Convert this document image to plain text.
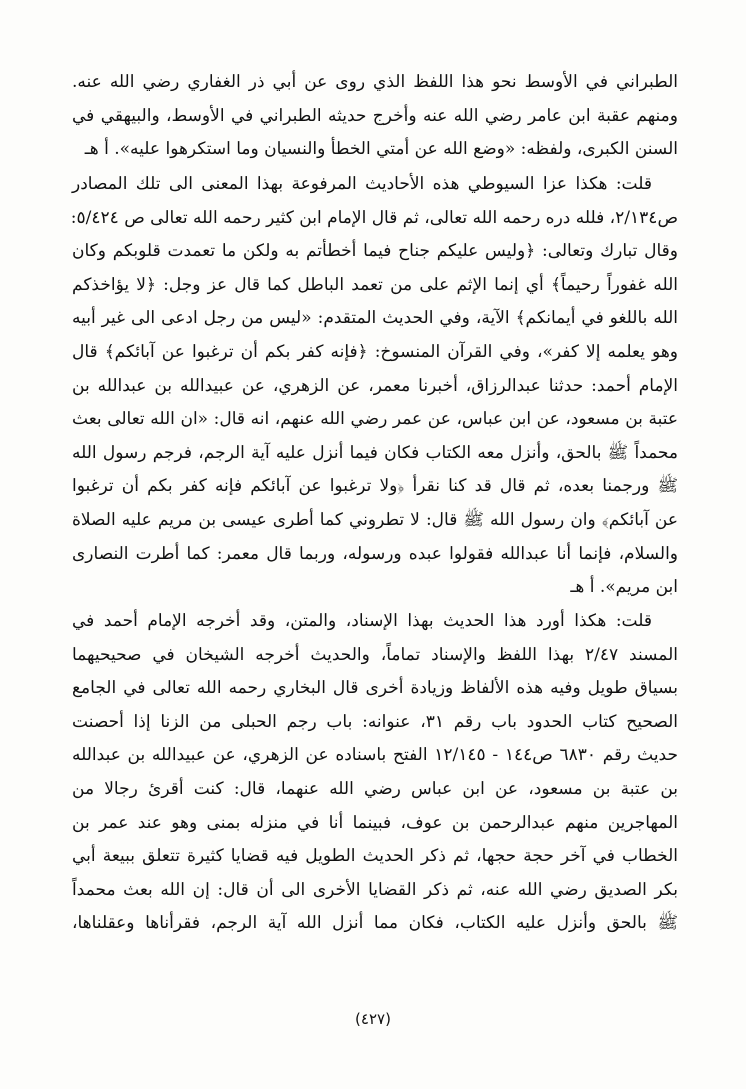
الطبراني في الأوسط نحو هذا اللفظ الذي روى عن أبي ذر الغفاري رضي الله عنه.
ومنهم عقبة ابن عامر رضي الله عنه وأخرج حديثه الطبراني في الأوسط، والبيهقي في
السنن الكبرى، ولفظه: «وضع الله عن أمتي الخطأ والنسيان وما استكرهوا عليه». أ هـ
قلت: هكذا عزا السيوطي هذه الأحاديث المرفوعة بهذا المعنى الى تلك المصادر
ص٢/١٣٤، فلله دره رحمه الله تعالى، ثم قال الإمام ابن كثير رحمه الله تعالى ص ٥/٤٢٤:
وقال تبارك وتعالى: ﴿وليس عليكم جناح فيما أخطأتم به ولكن ما تعمدت قلوبكم وكان
الله غفوراً رحيماً﴾ أي إنما الإثم على من تعمد الباطل كما قال عز وجل: ﴿لا يؤاخذكم
الله باللغو في أيمانكم﴾ الآية، وفي الحديث المتقدم: «ليس من رجل ادعى الى غير أبيه
وهو يعلمه إلا كفر»، وفي القرآن المنسوخ: ﴿فإنه كفر بكم أن ترغبوا عن آبائكم﴾ قال
الإمام أحمد: حدثنا عبدالرزاق، أخبرنا معمر، عن الزهري، عن عبيدالله بن عبدالله بن
عتبة بن مسعود، عن ابن عباس، عن عمر رضي الله عنهم، انه قال: «ان الله تعالى بعث
محمداً ﷺ بالحق، وأنزل معه الكتاب فكان فيما أنزل عليه آية الرجم، فرجم رسول الله
ﷺ ورجمنا بعده، ثم قال قد كنا نقرأ ﴿ولا ترغبوا عن آبائكم فإنه كفر بكم أن ترغبوا
عن آبائكم﴾ وان رسول الله ﷺ قال: لا تطروني كما أطرى عيسى بن مريم عليه الصلاة
والسلام، فإنما أنا عبدالله فقولوا عبده ورسوله، وربما قال معمر: كما أطرت النصارى
ابن مريم». أ هـ
قلت: هكذا أورد هذا الحديث بهذا الإسناد، والمتن، وقد أخرجه الإمام أحمد في
المسند ٢/٤٧ بهذا اللفظ والإسناد تماماً، والحديث أخرجه الشيخان في صحيحيهما
بسياق طويل وفيه هذه الألفاظ وزيادة أخرى قال البخاري رحمه الله تعالى في الجامع
الصحيح كتاب الحدود باب رقم ٣١، عنوانه: باب رجم الحبلى من الزنا إذا أحصنت
حديث رقم ٦٨٣٠ ص١٤٤ - ١٢/١٤٥ الفتح باسناده عن الزهري، عن عبيدالله بن عبدالله
بن عتبة بن مسعود، عن ابن عباس رضي الله عنهما، قال: كنت أقرئ رجالا من
المهاجرين منهم عبدالرحمن بن عوف، فبينما أنا في منزله بمنى وهو عند عمر بن
الخطاب في آخر حجة حجها، ثم ذكر الحديث الطويل فيه قضايا كثيرة تتعلق ببيعة أبي
بكر الصديق رضي الله عنه، ثم ذكر القضايا الأخرى الى أن قال: إن الله بعث محمداً
ﷺ بالحق وأنزل عليه الكتاب، فكان مما أنزل الله آية الرجم، فقرأناها وعقلناها،
(٤٢٧)
